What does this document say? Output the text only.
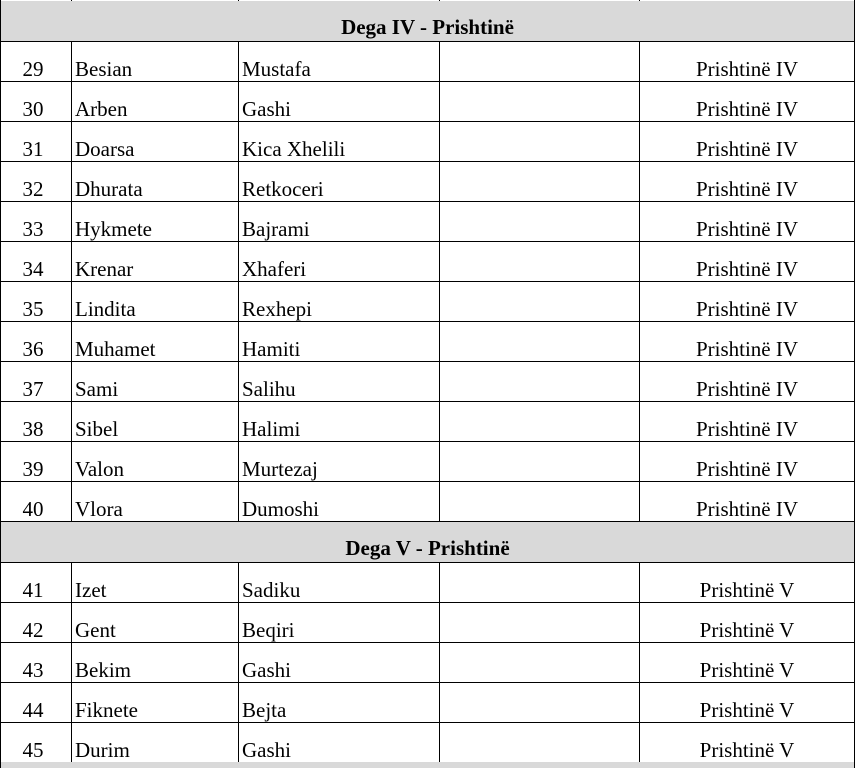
Dega IV - Prishtinë
29	Besian	Mustafa	Prishtinë IV
30	Arben	Gashi	Prishtinë IV
31	Doarsa	Kica Xhelili	Prishtinë IV
32	Dhurata	Retkoceri	Prishtinë IV
33	Hykmete	Bajrami	Prishtinë IV
34	Krenar	Xhaferi	Prishtinë IV
35	Lindita	Rexhepi	Prishtinë IV
36	Muhamet	Hamiti	Prishtinë IV
37	Sami	Salihu	Prishtinë IV
38	Sibel	Halimi	Prishtinë IV
39	Valon	Murtezaj	Prishtinë IV
40	Vlora	Dumoshi	Prishtinë IV
Dega V - Prishtinë
41	Izet	Sadiku	Prishtinë V
42	Gent	Beqiri	Prishtinë V
43	Bekim	Gashi	Prishtinë V
44	Fiknete	Bejta	Prishtinë V
45	Durim	Gashi	Prishtinë V
